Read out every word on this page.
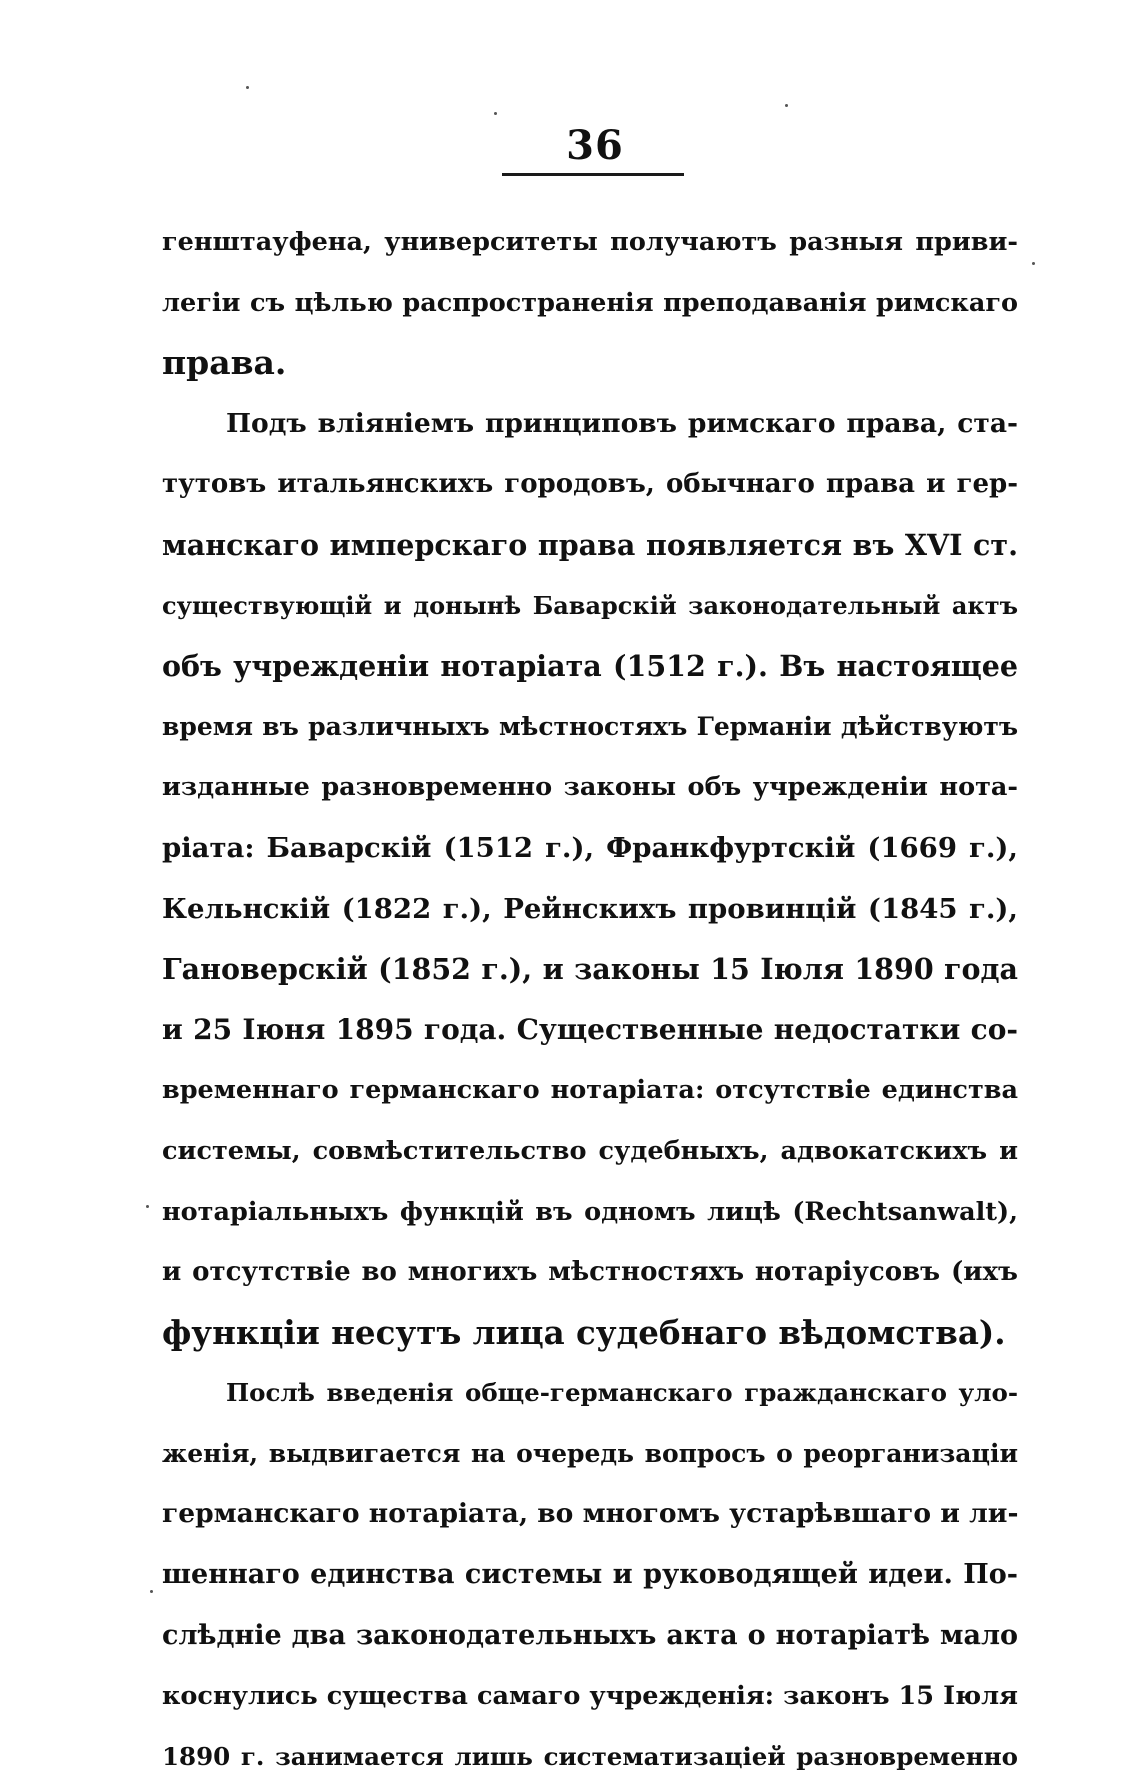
36
генштауфена, университеты получаютъ разныя приви-
легіи съ цѣлью распространенія преподаванія римскаго
права.
Подъ вліяніемъ принциповъ римскаго права, ста-
тутовъ итальянскихъ городовъ, обычнаго права и гер-
манскаго имперскаго права появляется въ XVI ст.
существующій и донынѣ Баварскій законодательный актъ
объ учрежденіи нотаріата (1512 г.). Въ настоящее
время въ различныхъ мѣстностяхъ Германіи дѣйствуютъ
изданные разновременно законы объ учрежденіи нота-
ріата: Баварскій (1512 г.), Франкфуртскій (1669 г.),
Кельнскій (1822 г.), Рейнскихъ провинцій (1845 г.),
Гановерскій (1852 г.), и законы 15 Іюля 1890 года
и 25 Іюня 1895 года. Существенные недостатки со-
временнаго германскаго нотаріата: отсутствіе единства
системы, совмѣстительство судебныхъ, адвокатскихъ и
нотаріальныхъ функцій въ одномъ лицѣ (Rechtsanwalt),
и отсутствіе во многихъ мѣстностяхъ нотаріусовъ (ихъ
функціи несутъ лица судебнаго вѣдомства).
Послѣ введенія обще-германскаго гражданскаго уло-
женія, выдвигается на очередь вопросъ о реорганизаціи
германскаго нотаріата, во многомъ устарѣвшаго и ли-
шеннаго единства системы и руководящей идеи. По-
слѣдніе два законодательныхъ акта о нотаріатѣ мало
коснулись существа самаго учрежденія: законъ 15 Іюля
1890 г. занимается лишь систематизаціей разновременно
